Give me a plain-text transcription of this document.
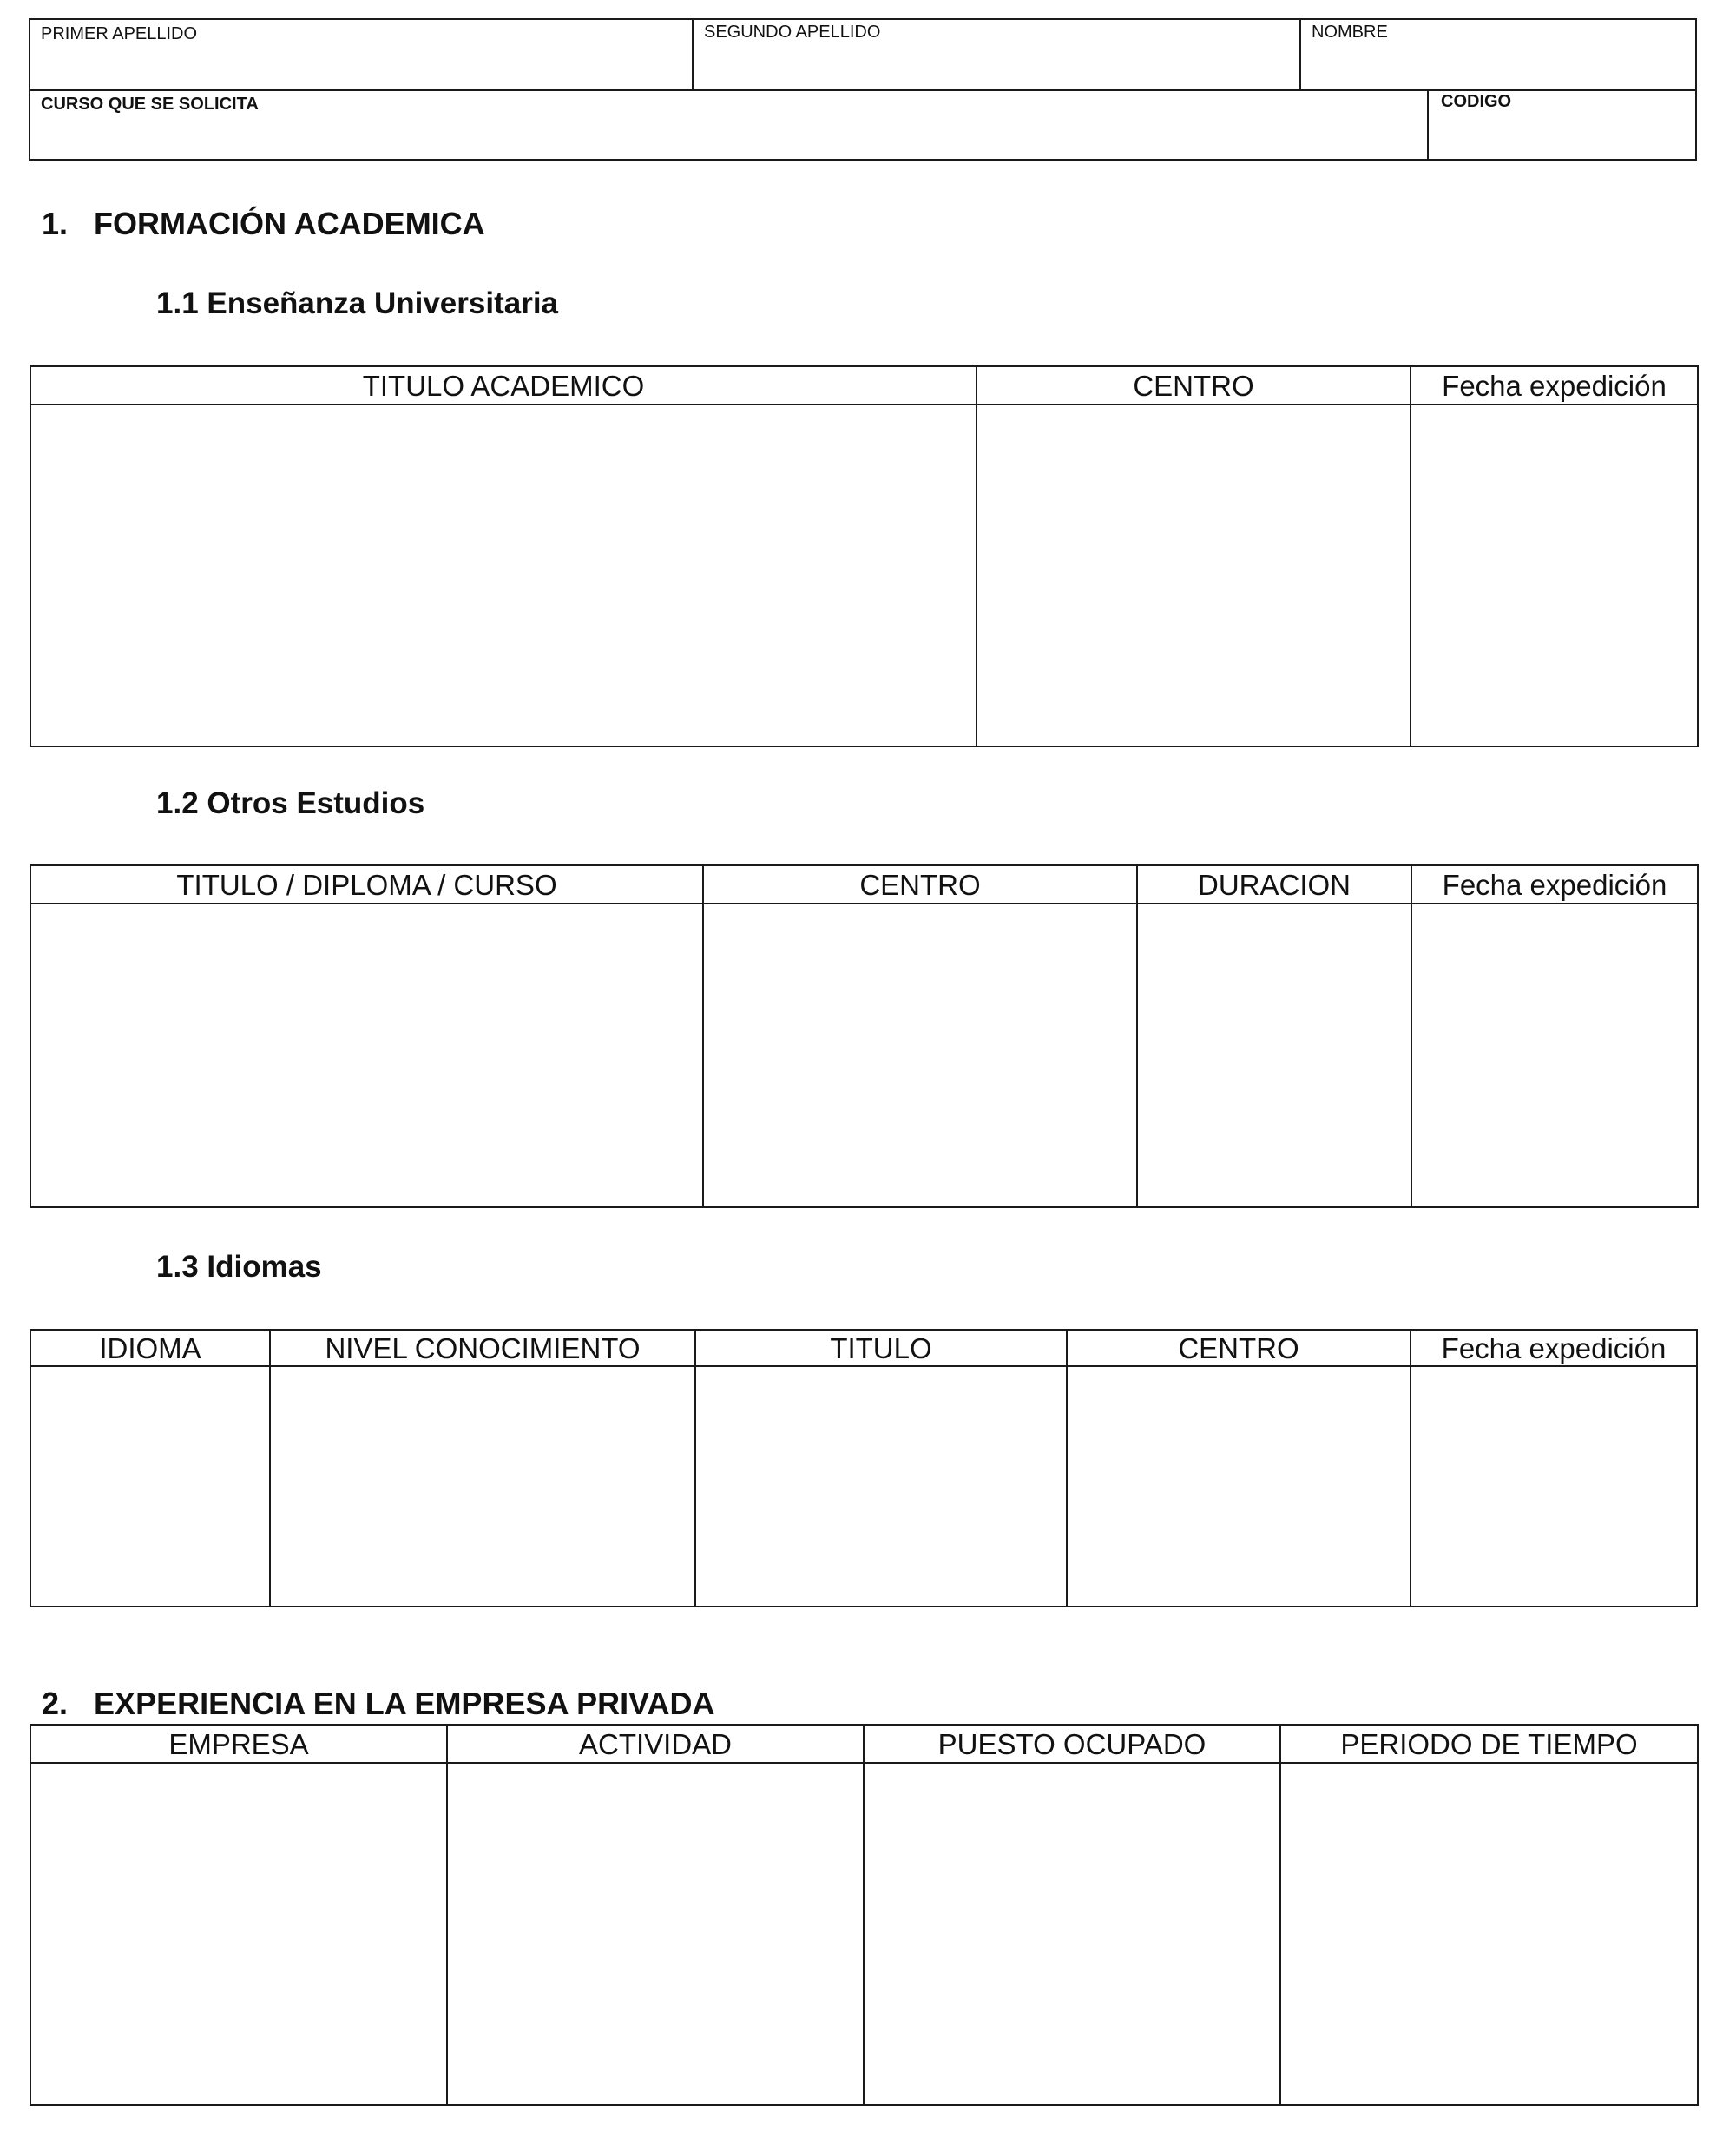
PRIMER APELLIDO	SEGUNDO APELLIDO	NOMBRE
CURSO QUE SE SOLICITA	CODIGO
1. FORMACIÓN ACADEMICA
1.1 Enseñanza Universitaria
TITULO ACADEMICO	CENTRO	Fecha expedición

1.2 Otros Estudios
TITULO / DIPLOMA / CURSO	CENTRO	DURACION	Fecha expedición

1.3 Idiomas
IDIOMA	NIVEL CONOCIMIENTO	TITULO	CENTRO	Fecha expedición

2. EXPERIENCIA EN LA EMPRESA PRIVADA
EMPRESA	ACTIVIDAD	PUESTO OCUPADO	PERIODO DE TIEMPO
